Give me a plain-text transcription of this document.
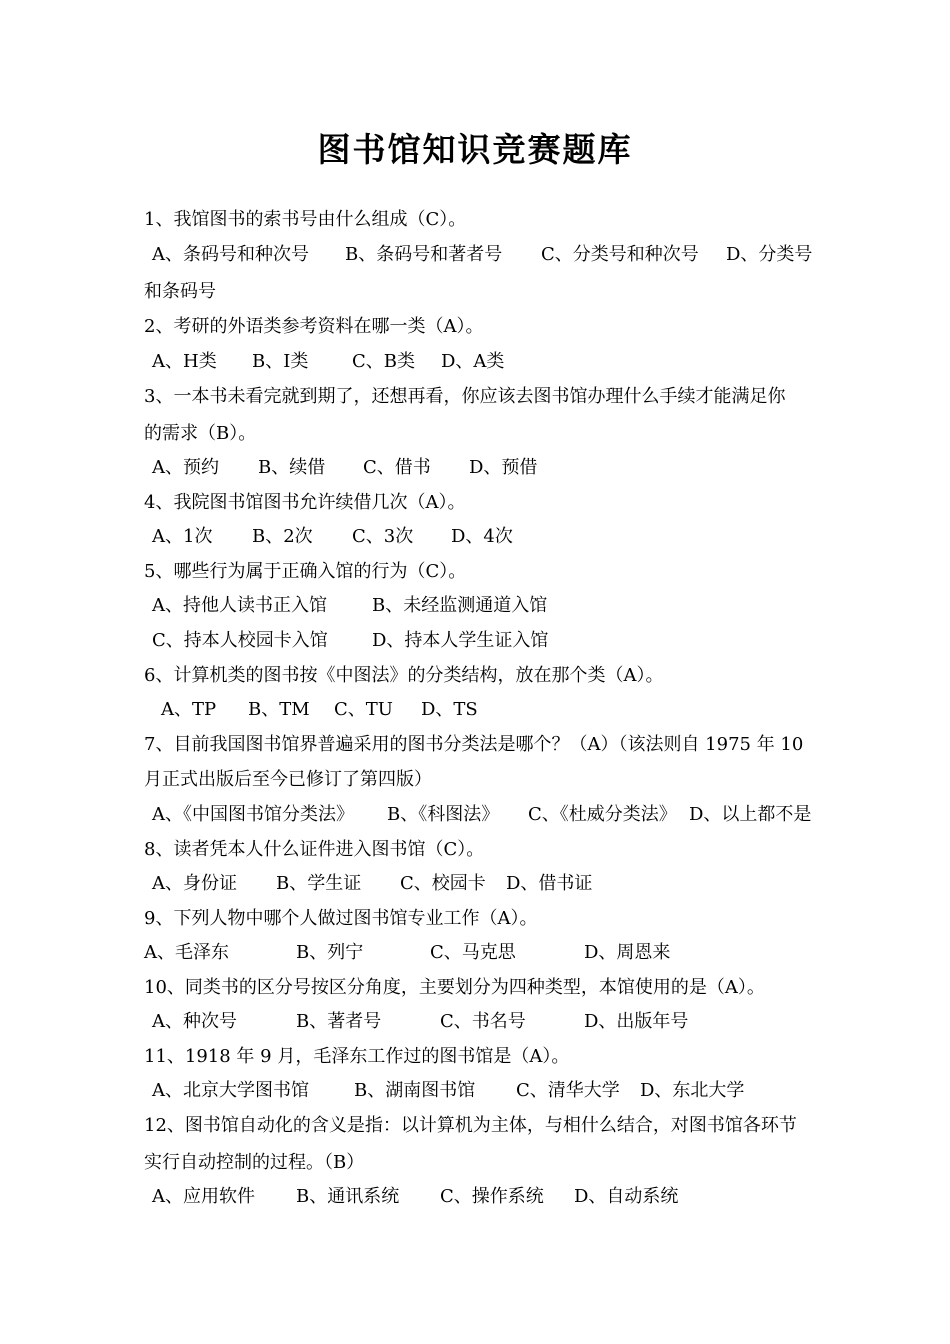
图书馆知识竞赛题库
1、我馆图书的索书号由什么组成（C）。
A、条码号和种次号 B、条码号和著者号 C、分类号和种次号 D、分类号
和条码号
2、考研的外语类参考资料在哪一类（A）。
A、H类 B、I类 C、B类 D、A类
3、一本书未看完就到期了，还想再看，你应该去图书馆办理什么手续才能满足你
的需求（B）。
A、预约 B、续借 C、借书 D、预借
4、我院图书馆图书允许续借几次（A）。
A、1次 B、2次 C、3次 D、4次
5、哪些行为属于正确入馆的行为（C）。
A、持他人读书正入馆	B、未经监测通道入馆
C、持本人校园卡入馆 D、持本人学生证入馆
6、计算机类的图书按《中图法》的分类结构，放在那个类（A）。
A、TP B、TM C、TU D、TS
7、目前我国图书馆界普遍采用的图书分类法是哪个？（A）（该法则自 1975 年 10
月正式出版后至今已修订了第四版）
A、《中国图书馆分类法》 B、《科图法》 C、《杜威分类法》 D、以上都不是
8、读者凭本人什么证件进入图书馆（C）。
A、身份证 B、学生证 C、校园卡 D、借书证
9、下列人物中哪个人做过图书馆专业工作（A）。
A、毛泽东	B、列宁	C、马克思	D、周恩来
10、同类书的区分号按区分角度，主要划分为四种类型，本馆使用的是（A）。
A、种次号	B、著者号	C、书名号	D、出版年号
11、1918 年 9 月，毛泽东工作过的图书馆是（A）。
A、北京大学图书馆	B、湖南图书馆 C、清华大学 D、东北大学
12、图书馆自动化的含义是指：以计算机为主体，与相什么结合，对图书馆各环节
实行自动控制的过程。（B）
A、应用软件 B、通讯系统 C、操作系统 D、自动系统
